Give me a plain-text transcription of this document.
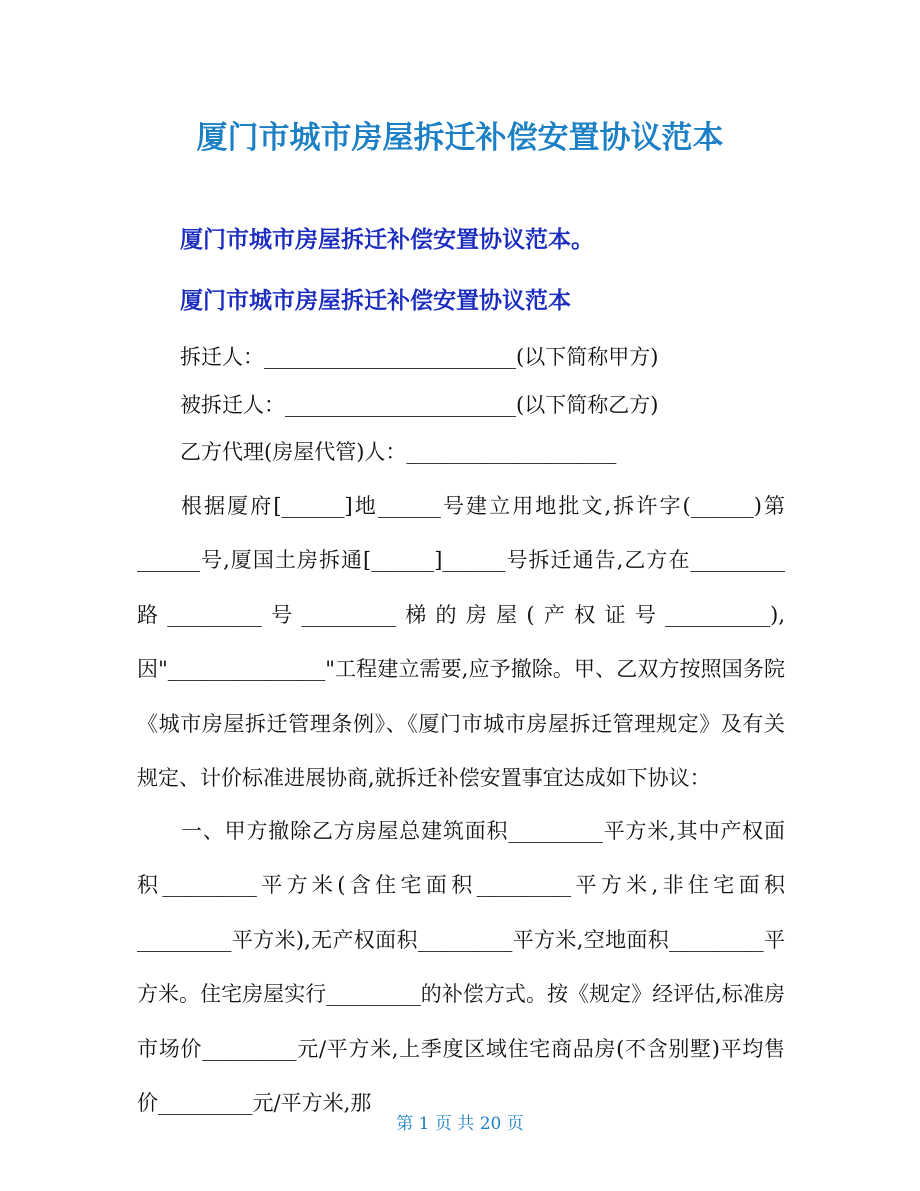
厦门市城市房屋拆迁补偿安置协议范本

厦门市城市房屋拆迁补偿安置协议范本。

厦门市城市房屋拆迁补偿安置协议范本

拆迁人：________________________(以下简称甲方)

被拆迁人：______________________(以下简称乙方)

乙方代理(房屋代管)人：____________________

根据厦府[______]地______号建立用地批文,拆许字(______)第______号,厦国土房拆通[______]______号拆迁通告,乙方在_________路_________号_________梯的房屋(产权证号__________),因"_______________"工程建立需要,应予撤除。甲、乙双方按照国务院《城市房屋拆迁管理条例》、《厦门市城市房屋拆迁管理规定》及有关规定、计价标准进展协商,就拆迁补偿安置事宜达成如下协议：

一、甲方撤除乙方房屋总建筑面积_________平方米,其中产权面积_________平方米(含住宅面积_________平方米,非住宅面积_________平方米),无产权面积_________平方米,空地面积_________平方米。住宅房屋实行_________的补偿方式。按《规定》经评估,标准房市场价_________元/平方米,上季度区域住宅商品房(不含别墅)平均售价_________元/平方米,那

第 1 页 共 20 页
